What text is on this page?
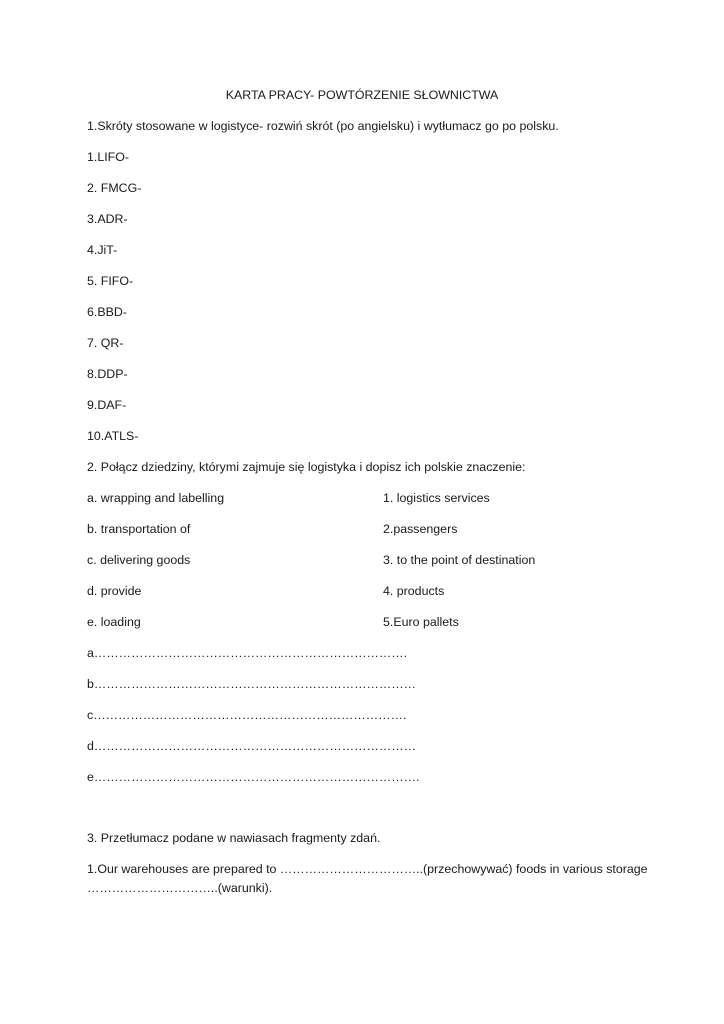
KARTA PRACY- POWTÓRZENIE SŁOWNICTWA
1.Skróty stosowane w logistyce- rozwiń skrót (po angielsku) i wytłumacz go po polsku.
1.LIFO-
2. FMCG-
3.ADR-
4.JiT-
5. FIFO-
6.BBD-
7. QR-
8.DDP-
9.DAF-
10.ATLS-
2. Połącz dziedziny, którymi zajmuje się logistyka i dopisz ich polskie znaczenie:
a. wrapping and labelling	1. logistics services
b. transportation of	2.passengers
c. delivering goods	3. to the point of destination
d. provide	4. products
e. loading	5.Euro pallets
a………………………………………………………………….
b……………………………………………………………………
c………………………………………………………………….
d……………………………………………………………………
e…………………………………………………………………….
3. Przetłumacz podane w nawiasach fragmenty zdań.
1.Our warehouses are prepared to ……………………………..(przechowywać) foods in various storage
…………………………..(warunki).
